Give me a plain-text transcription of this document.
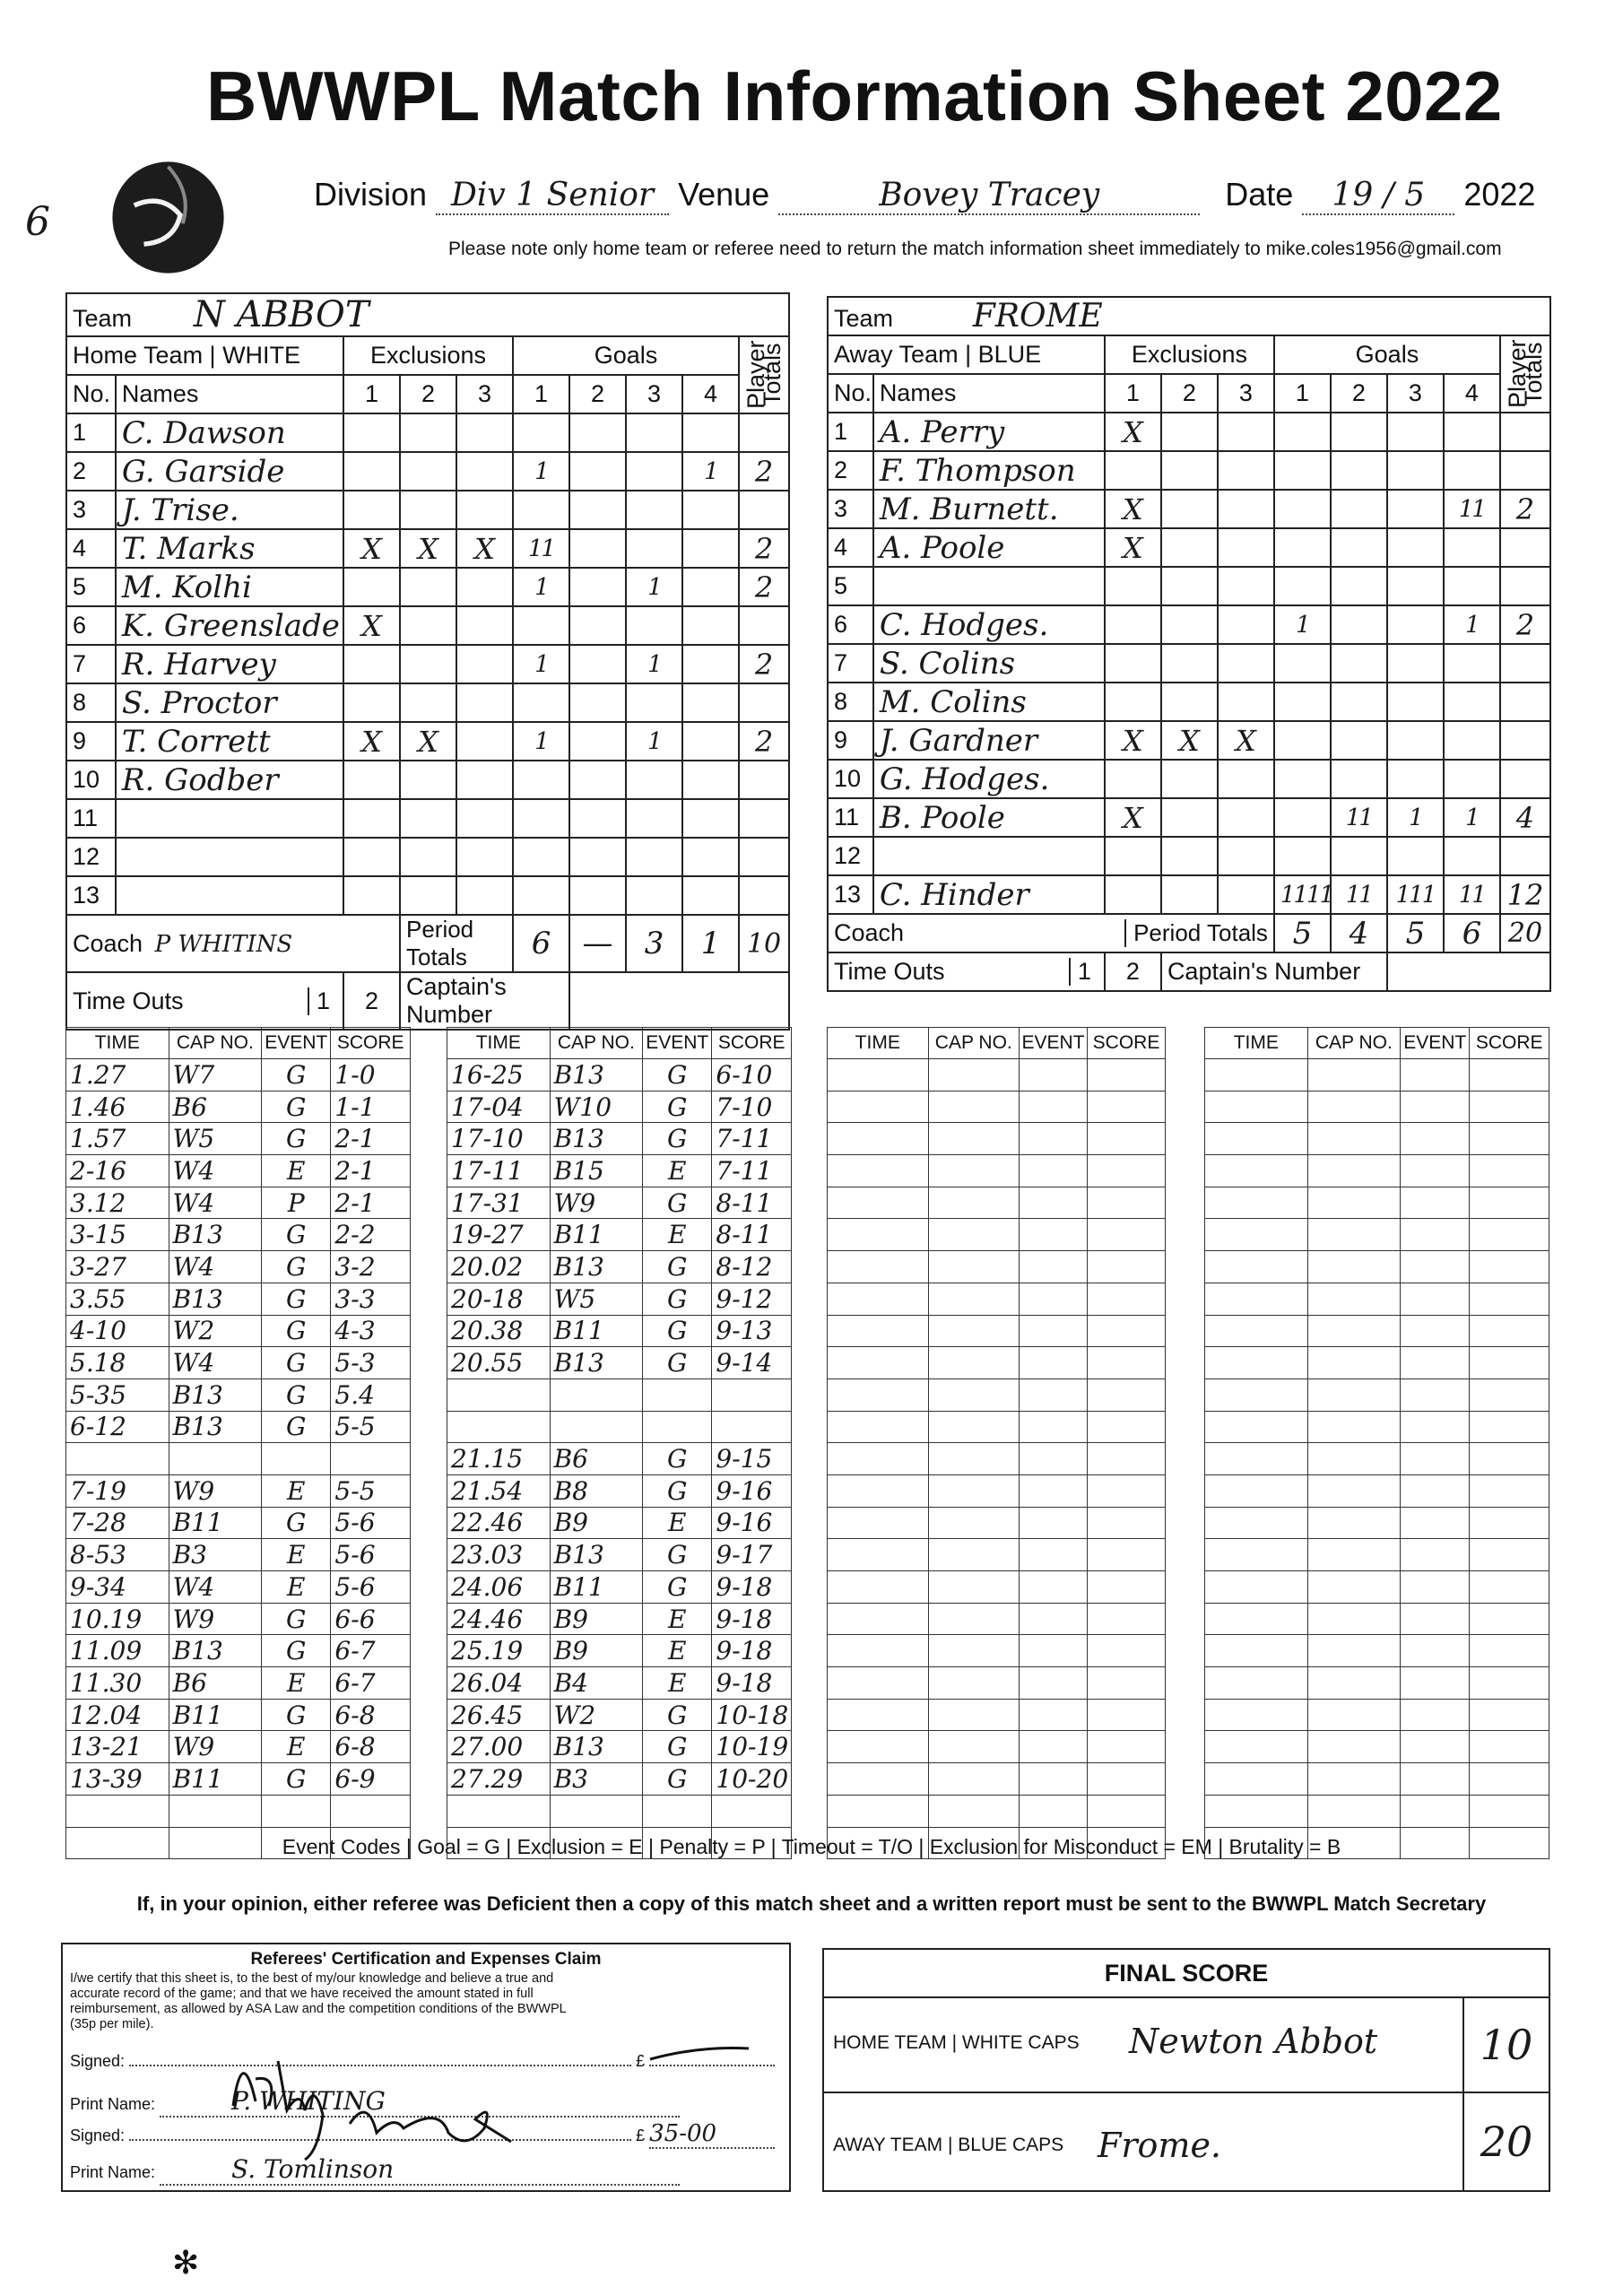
BWWPL Match Information Sheet 2022
6
Division Div 1 Senior Venue	Bovey Tracey	Date 19 / 5 2022
Please note only home team or referee need to return the match information sheet immediately to mike.coles1956@gmail.com
Team N ABBOT									
Home Team | WHITE		Exclusions			Goals				Player Totals
No.	Names	1	2	3	1	2	3	4	
1	C. Dawson								
2	G. Garside				1			1	2
3	J. Trise.								
4	T. Marks	X	X	X	11				2
5	M. Kolhi				1		1		2
6	K. Greenslade	X							
7	R. Harvey				1		1		2
8	S. Proctor								
9	T. Corrett	X	X		1		1		2
10	R. Godber								
11									
12									
13									
Coach P WHITINS			Period Totals		6	—	3	1	10
Time Outs 1		2	Captain's Number						
Team FROME									
Away Team | BLUE		Exclusions			Goals				Player Totals
No.	Names	1	2	3	1	2	3	4	
1	A. Perry	X							
2	F. Thompson								
3	M. Burnett.	X						11	2
4	A. Poole	X							
5									
6	C. Hodges.				1			1	2
7	S. Colins								
8	M. Colins								
9	J. Gardner	X	X	X					
10	G. Hodges.								
11	B. Poole	X				11	1	1	4
12									
13	C. Hinder				1111	11	111	11	12
Coach Period Totals					5	4	5	6	20
Time Outs 1		2	Captain's Number						
TIME	CAP NO.	EVENT	SCORE
1.27	W7	G	1-0
1.46	B6	G	1-1
1.57	W5	G	2-1
2-16	W4	E	2-1
3.12	W4	P	2-1
3-15	B13	G	2-2
3-27	W4	G	3-2
3.55	B13	G	3-3
4-10	W2	G	4-3
5.18	W4	G	5-3
5-35	B13	G	5.4
6-12	B13	G	5-5

7-19	W9	E	5-5
7-28	B11	G	5-6
8-53	B3	E	5-6
9-34	W4	E	5-6
10.19	W9	G	6-6
11.09	B13	G	6-7
11.30	B6	E	6-7
12.04	B11	G	6-8
13-21	W9	E	6-8
13-39	B11	G	6-9

TIME	CAP NO.	EVENT	SCORE
16-25	B13	G	6-10
17-04	W10	G	7-10
17-10	B13	G	7-11
17-11	B15	E	7-11
17-31	W9	G	8-11
19-27	B11	E	8-11
20.02	B13	G	8-12
20-18	W5	G	9-12
20.38	B11	G	9-13
20.55	B13	G	9-14

21.15	B6	G	9-15
21.54	B8	G	9-16
22.46	B9	E	9-16
23.03	B13	G	9-17
24.06	B11	G	9-18
24.46	B9	E	9-18
25.19	B9	E	9-18
26.04	B4	E	9-18
26.45	W2	G	10-18
27.00	B13	G	10-19
27.29	B3	G	10-20

TIME	CAP NO.	EVENT	SCORE

				TIME	CAP NO.	EVENT	SCORE

Event Codes | Goal = G | Exclusion = E | Penalty = P | Timeout = T/O | Exclusion for Misconduct = EM | Brutality = B
If, in your opinion, either referee was Deficient then a copy of this match sheet and a written report must be sent to the BWWPL Match Secretary
Referees' Certification and Expenses Claim
I/we certify that this sheet is, to the best of my/our knowledge and believe a true and accurate record of the game; and that we have received the amount stated in full reimbursement, as allowed by ASA Law and the competition conditions of the BWWPL (35p per mile).
Signed:	£
Print Name:	P. WHITING
Signed:	£ 35-00
Print Name:	S. Tomlinson
FINAL SCORE
HOME TEAM | WHITE CAPS Newton Abbot	10
AWAY TEAM | BLUE CAPS Frome.	20
✻
